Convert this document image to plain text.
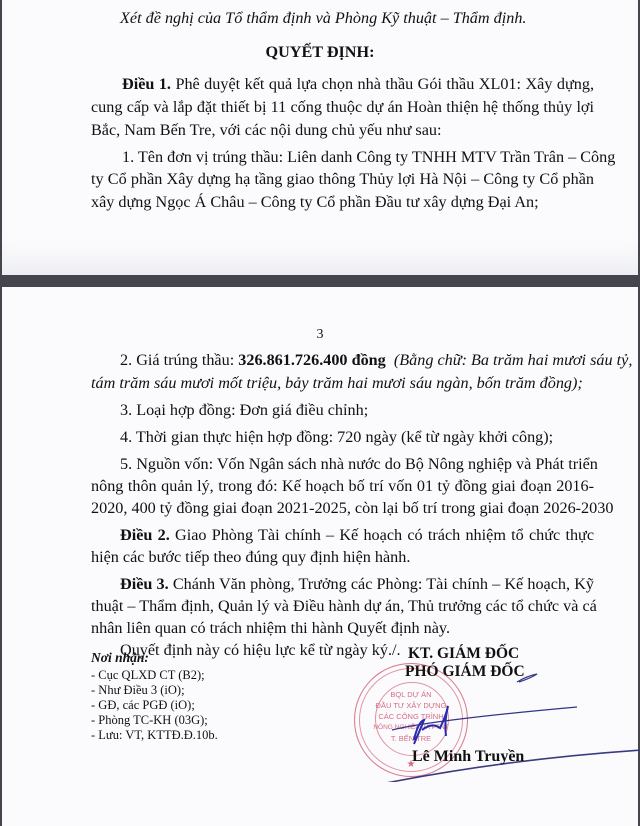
Xét đề nghị của Tổ thẩm định và Phòng Kỹ thuật – Thẩm định.
QUYẾT ĐỊNH:
Điều 1. Phê duyệt kết quả lựa chọn nhà thầu Gói thầu XL01: Xây dựng,
cung cấp và lắp đặt thiết bị 11 cống thuộc dự án Hoàn thiện hệ thống thủy lợi
Bắc, Nam Bến Tre, với các nội dung chủ yếu như sau:
1. Tên đơn vị trúng thầu: Liên danh Công ty TNHH MTV Trần Trân – Công
ty Cổ phần Xây dựng hạ tầng giao thông Thủy lợi Hà Nội – Công ty Cổ phần
xây dựng Ngọc Á Châu – Công ty Cổ phần Đầu tư xây dựng Đại An;
3
2. Giá trúng thầu: 326.861.726.400 đồng (Bằng chữ: Ba trăm hai mươi sáu tỷ,
tám trăm sáu mươi mốt triệu, bảy trăm hai mươi sáu ngàn, bốn trăm đồng);
3. Loại hợp đồng: Đơn giá điều chỉnh;
4. Thời gian thực hiện hợp đồng: 720 ngày (kể từ ngày khởi công);
5. Nguồn vốn: Vốn Ngân sách nhà nước do Bộ Nông nghiệp và Phát triển
nông thôn quản lý, trong đó: Kế hoạch bố trí vốn 01 tỷ đồng giai đoạn 2016-
2020, 400 tỷ đồng giai đoạn 2021-2025, còn lại bố trí trong giai đoạn 2026-2030
Điều 2. Giao Phòng Tài chính – Kế hoạch có trách nhiệm tổ chức thực
hiện các bước tiếp theo đúng quy định hiện hành.
Điều 3. Chánh Văn phòng, Trưởng các Phòng: Tài chính – Kế hoạch, Kỹ
thuật – Thẩm định, Quản lý và Điều hành dự án, Thủ trưởng các tổ chức và cá
nhân liên quan có trách nhiệm thi hành Quyết định này.
Quyết định này có hiệu lực kể từ ngày ký./.
Nơi nhận:
- Cục QLXD CT (B2);
- Như Điều 3 (iO);
- GĐ, các PGĐ (iO);
- Phòng TC-KH (03G);
- Lưu: VT, KTTĐ.Đ.10b.
BQL DỰ ÁN
ĐẦU TƯ XÂY DỰNG
CÁC CÔNG TRÌNH
NÔNG NGHIỆP VÀ PTNT
T. BẾN TRE
★
KT. GIÁM ĐỐC
PHÓ GIÁM ĐỐC
Lê Minh Truyền
